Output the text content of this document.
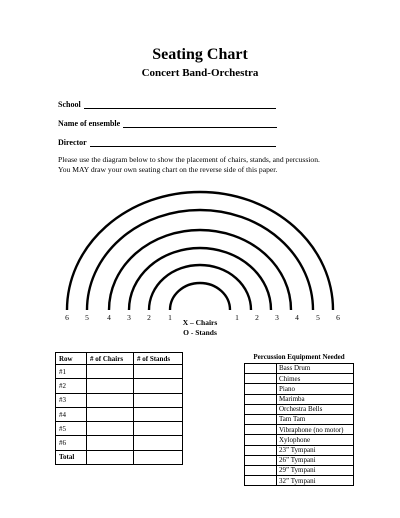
Seating Chart
Concert Band-Orchestra
School
Name of ensemble
Director
Please use the diagram below to show the placement of chairs, stands, and percussion.
You MAY draw your own seating chart on the reverse side of this paper.
6	5	4	3	2	1	1	2	3	4	5	6
X – Chairs
O - Stands
Row	# of Chairs	# of Stands
#1		
#2		
#3		
#4		
#5		
#6		
Total		
Percussion Equipment Needed
	Bass Drum
	Chimes
	Piano
	Marimba
	Orchestra Bells
	Tam Tam
	Vibraphone (no motor)
	Xylophone
	23” Tympani
	26” Tympani
	29” Tympani
	32” Tympani
